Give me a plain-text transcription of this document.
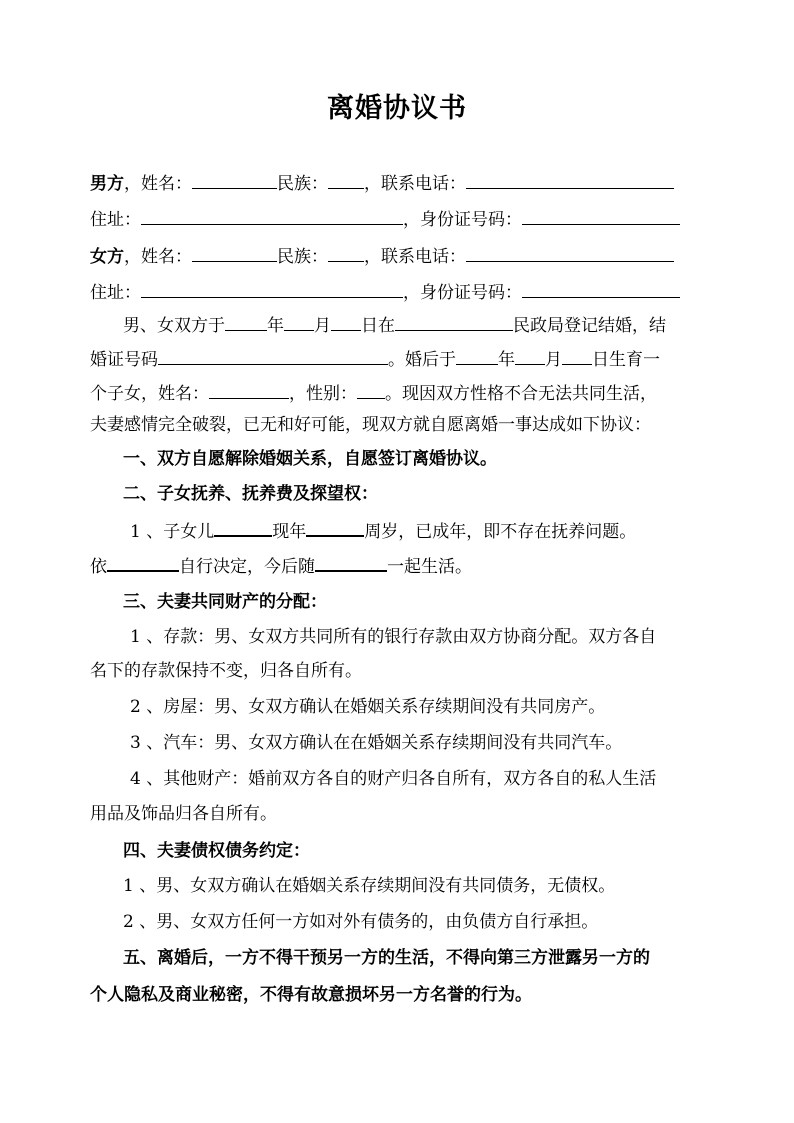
离婚协议书
男方，姓名：	民族： ，联系电话：
住址：	，身份证号码：
女方，姓名：	民族： ，联系电话：
住址：	，身份证号码：
男、女双方于 年 月 日在	民政局登记结婚，结
婚证号码	。婚后于 年 月 日生育一
个子女，姓名：	，性别： 。现因双方性格不合无法共同生活，
夫妻感情完全破裂，已无和好可能，现双方就自愿离婚一事达成如下协议：
一、双方自愿解除婚姻关系，自愿签订离婚协议。
二、子女抚养、抚养费及探望权：
1 、子女儿	现年	周岁，已成年，即不存在抚养问题。
依	自行决定，今后随	一起生活。
三、夫妻共同财产的分配：
1 、存款：男、女双方共同所有的银行存款由双方协商分配。双方各自
名下的存款保持不变，归各自所有。
2 、房屋：男、女双方确认在婚姻关系存续期间没有共同房产。
3 、汽车：男、女双方确认在在婚姻关系存续期间没有共同汽车。
4 、其他财产：婚前双方各自的财产归各自所有，双方各自的私人生活
用品及饰品归各自所有。
四、夫妻债权债务约定：
1 、男、女双方确认在婚姻关系存续期间没有共同债务，无债权。
2 、男、女双方任何一方如对外有债务的，由负债方自行承担。
五、离婚后，一方不得干预另一方的生活，不得向第三方泄露另一方的
个人隐私及商业秘密，不得有故意损坏另一方名誉的行为。
